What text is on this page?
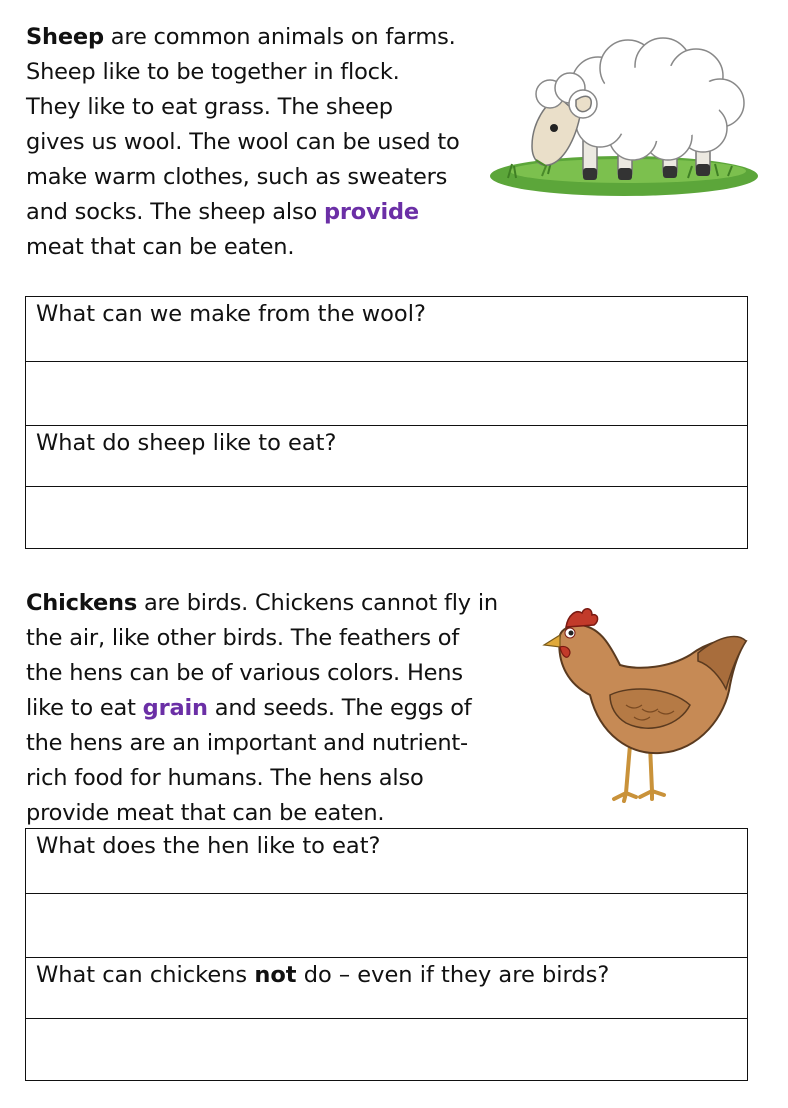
Sheep are common animals on farms.
Sheep like to be together in flock.
They like to eat grass. The sheep
gives us wool. The wool can be used to
make warm clothes, such as sweaters
and socks. The sheep also provide
meat that can be eaten.
What can we make from the wool?

What do sheep like to eat?

Chickens are birds. Chickens cannot fly in
the air, like other birds. The feathers of
the hens can be of various colors. Hens
like to eat grain and seeds. The eggs of
the hens are an important and nutrient-
rich food for humans. The hens also
provide meat that can be eaten.
What does the hen like to eat?

What can chickens not do – even if they are birds?
